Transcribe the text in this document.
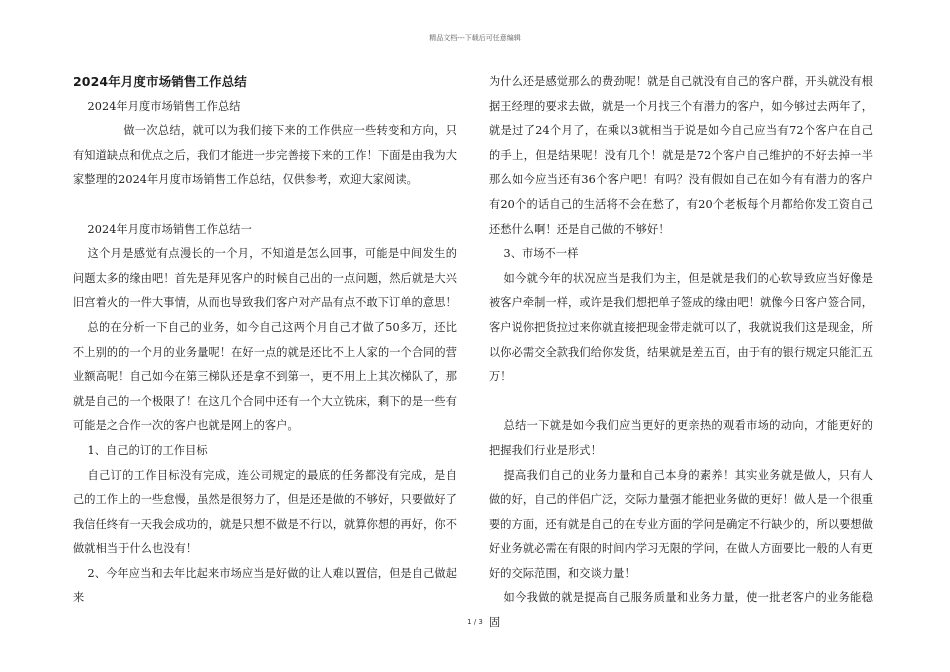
精品文档---下载后可任意编辑

2024年月度市场销售工作总结

2024年月度市场销售工作总结

做一次总结，就可以为我们接下来的工作供应一些转变和方向，只有知道缺点和优点之后，我们才能进一步完善接下来的工作！下面是由我为大家整理的2024年月度市场销售工作总结，仅供参考，欢迎大家阅读。

2024年月度市场销售工作总结一

这个月是感觉有点漫长的一个月，不知道是怎么回事，可能是中间发生的问题太多的缘由吧！首先是拜见客户的时候自己出的一点问题，然后就是大兴旧宫着火的一件大事情，从而也导致我们客户对产品有点不敢下订单的意思！

总的在分析一下自己的业务，如今自己这两个月自己才做了50多万，还比不上别的的一个月的业务量呢！在好一点的就是还比不上人家的一个合同的营业额高呢！自己如今在第三梯队还是拿不到第一，更不用上上其次梯队了，那就是自己的一个极限了！在这几个合同中还有一个大立铣床，剩下的是一些有可能是之合作一次的客户也就是网上的客户。

1、自己的订的工作目标

自己订的工作目标没有完成，连公司规定的最底的任务都没有完成，是自己的工作上的一些怠慢，虽然是很努力了，但是还是做的不够好，只要做好了我信任终有一天我会成功的，就是只想不做是不行以，就算你想的再好，你不做就相当于什么也没有！

2、今年应当和去年比起来市场应当是好做的让人难以置信，但是自己做起来

为什么还是感觉那么的费劲呢！就是自己就没有自己的客户群，开头就没有根据王经理的要求去做，就是一个月找三个有潜力的客户，如今够过去两年了，就是过了24个月了，在乘以3就相当于说是如今自己应当有72个客户在自己的手上，但是结果呢！没有几个！就是是72个客户自己维护的不好去掉一半那么如今应当还有36个客户吧！有吗？没有假如自己在如今有有潜力的客户有20个的话自己的生活将不会在愁了，有20个老板每个月都给你发工资自己还愁什么啊！还是自己做的不够好！

3、市场不一样

如今就今年的状况应当是我们为主，但是就是我们的心软导致应当好像是被客户牵制一样，或许是我们想把单子签成的缘由吧！就像今日客户签合同，客户说你把货拉过来你就直接把现金带走就可以了，我就说我们这是现金，所以你必需交全款我们给你发货，结果就是差五百，由于有的银行规定只能汇五万！

总结一下就是如今我们应当更好的更亲热的观看市场的动向，才能更好的把握我们行业是形式！

提高我们自己的业务力量和自己本身的素养！其实业务就是做人，只有人做的好，自己的伴侣广泛，交际力量强才能把业务做的更好！做人是一个很重要的方面，还有就是自己的在专业方面的学问是确定不行缺少的，所以要想做好业务就必需在有限的时间内学习无限的学问，在做人方面要比一般的人有更好的交际范围，和交谈力量！

如今我做的就是提高自己服务质量和业务力量，使一批老客户的业务能稳固

1 / 3
